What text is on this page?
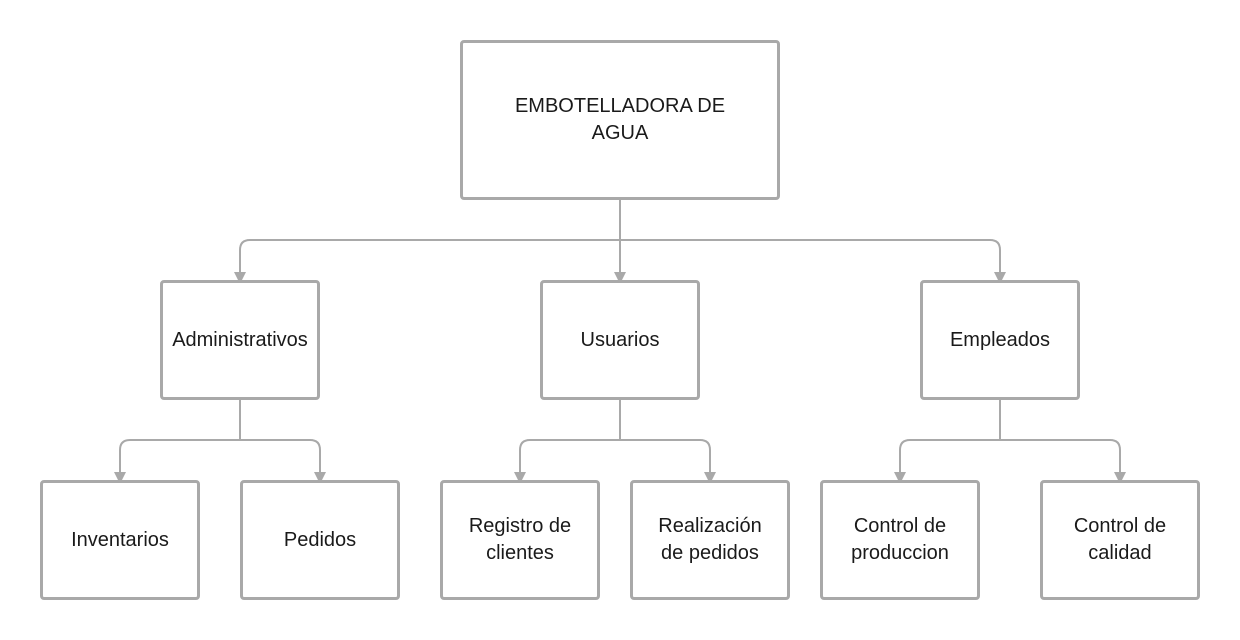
EMBOTELLADORA DE
AGUA
Administrativos	Usuarios	Empleados
Inventarios	Pedidos
Registro de
clientes
Realización
de pedidos
Control de
produccion
Control de
calidad
